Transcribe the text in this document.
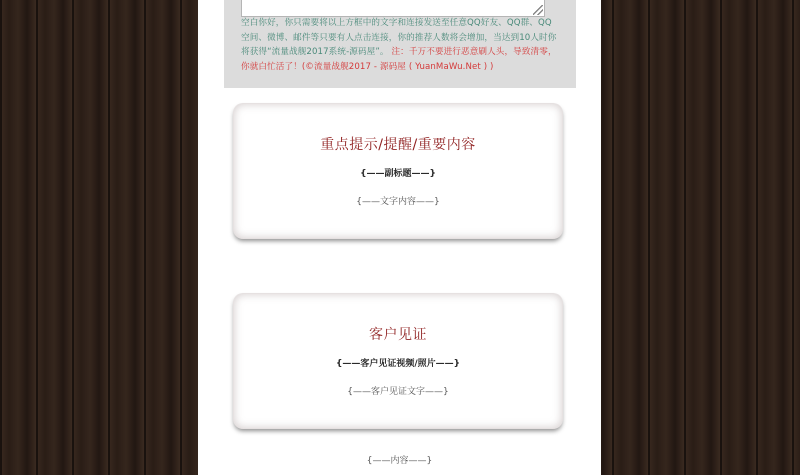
空白你好，你只需要将以上方框中的文字和连接发送至任意QQ好友、QQ群、QQ空间、微博、邮件等只要有人点击连接，你的推荐人数将会增加，当达到10人时你将获得“流量战舰2017系统-源码屋”。 注：千万不要进行恶意刷人头，导致清零，你就白忙活了！(©流量战舰2017 - 源码屋 ( YuanMaWu.Net ) )
重点提示/提醒/重要内容
{——副标题——}
{——文字内容——}
客户见证
{——客户见证视频/照片——}
{——客户见证文字——}
{——内容——}
